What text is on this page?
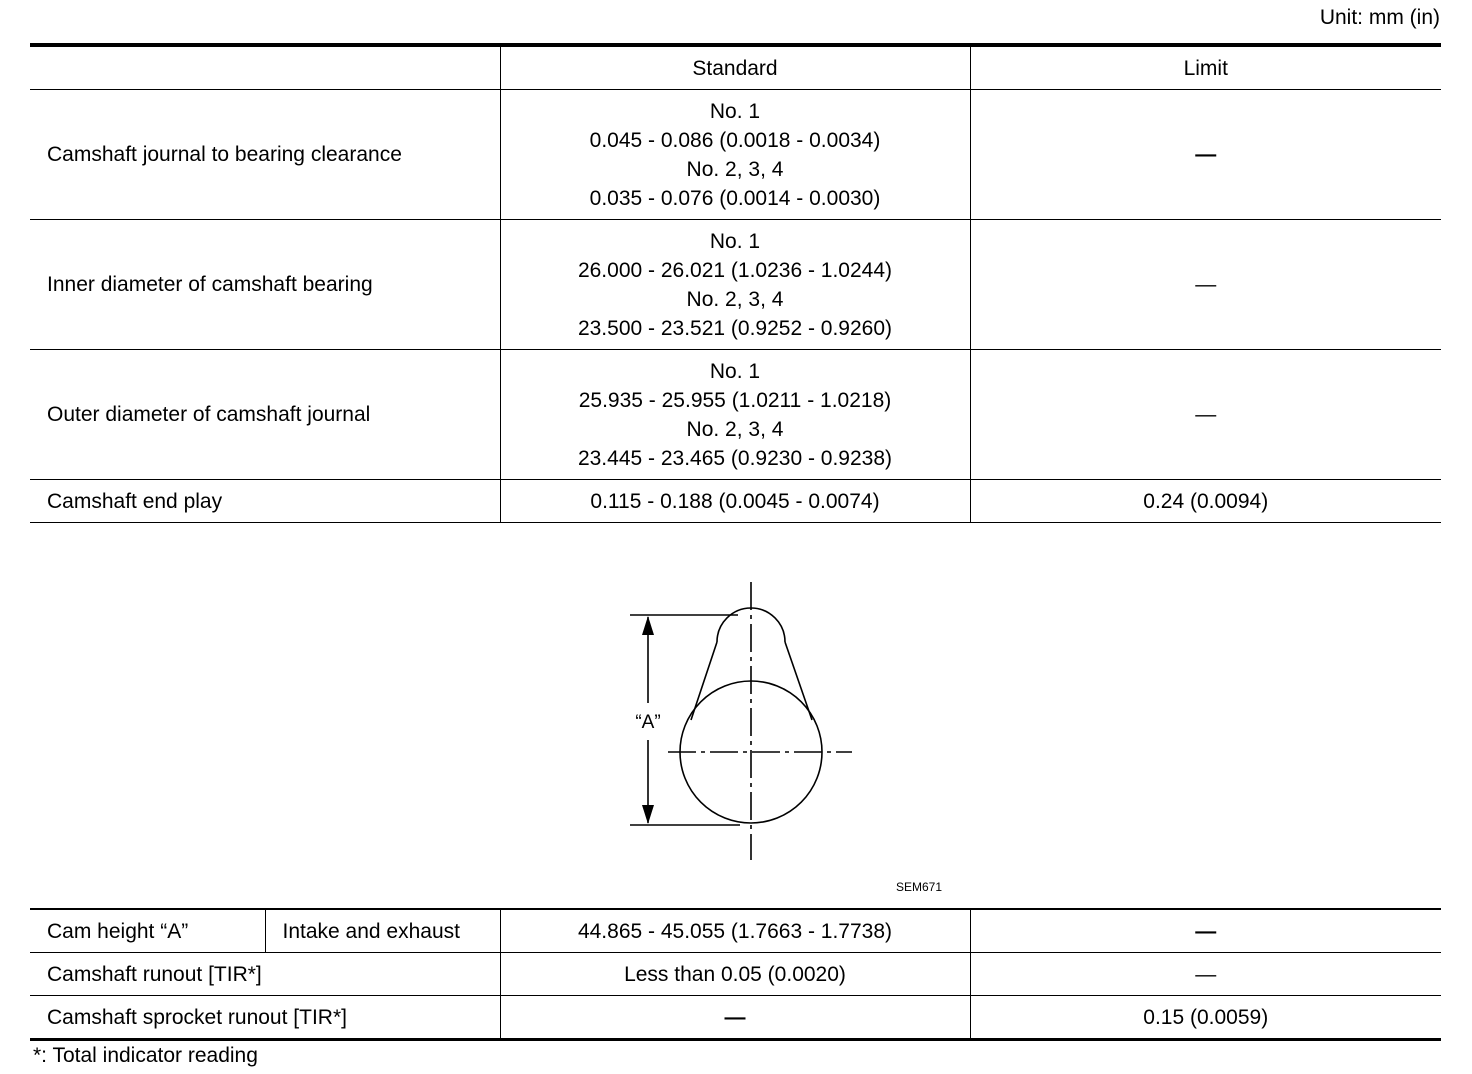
Unit: mm (in)
	Standard	Limit
Camshaft journal to bearing clearance	No. 1
0.045 - 0.086 (0.0018 - 0.0034)
No. 2, 3, 4
0.035 - 0.076 (0.0014 - 0.0030)	—
Inner diameter of camshaft bearing	No. 1
26.000 - 26.021 (1.0236 - 1.0244)
No. 2, 3, 4
23.500 - 23.521 (0.9252 - 0.9260)	—
Outer diameter of camshaft journal	No. 1
25.935 - 25.955 (1.0211 - 1.0218)
No. 2, 3, 4
23.445 - 23.465 (0.9230 - 0.9238)	—
Camshaft end play	0.115 - 0.188 (0.0045 - 0.0074)	0.24 (0.0094)
“A”
SEM671
Cam height “A”	Intake and exhaust	44.865 - 45.055 (1.7663 - 1.7738)	—
Camshaft runout [TIR*]		Less than 0.05 (0.0020)	—
Camshaft sprocket runout [TIR*]		—	0.15 (0.0059)
*: Total indicator reading
